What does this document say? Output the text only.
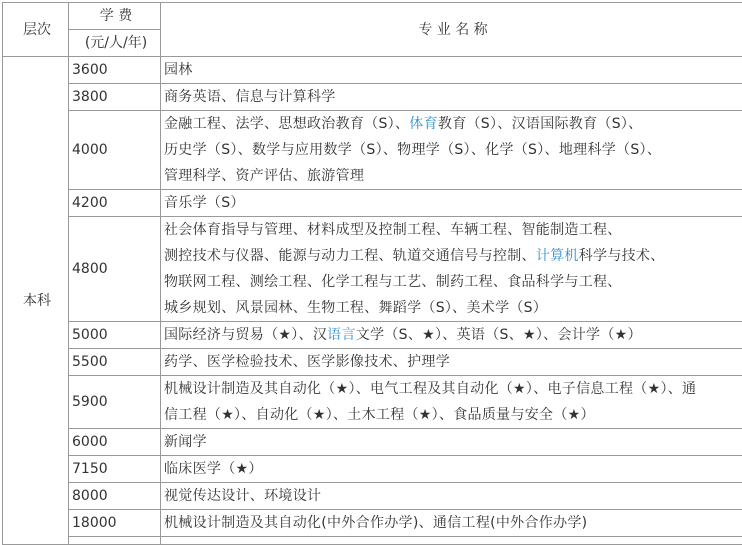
层次	学 费	专 业 名 称
	(元/人/年)	
本科	3600	园林

	3800	商务英语、信息与计算科学

	4000	金融工程、法学、思想政治教育（S）、体育教育（S）、汉语国际教育（S）、
历史学（S）、数学与应用数学（S）、物理学（S）、化学（S）、地理科学（S）、
管理科学、资产评估、旅游管理

	4200	音乐学（S）

	4800	社会体育指导与管理、材料成型及控制工程、车辆工程、智能制造工程、
测控技术与仪器、能源与动力工程、轨道交通信号与控制、计算机科学与技术、
物联网工程、测绘工程、化学工程与工艺、制药工程、食品科学与工程、
城乡规划、风景园林、生物工程、舞蹈学（S）、美术学（S）

	5000	国际经济与贸易（★）、汉语言文学（S、★）、英语（S、★）、会计学（★）

	5500	药学、医学检验技术、医学影像技术、护理学

	5900	机械设计制造及其自动化（★）、电气工程及其自动化（★）、电子信息工程（★）、通
信工程（★）、自动化（★）、土木工程（★）、食品质量与安全（★）

	6000	新闻学

	7150	临床医学（★）

	8000	视觉传达设计、环境设计

	18000	机械设计制造及其自动化(中外合作办学)、通信工程(中外合作办学)
